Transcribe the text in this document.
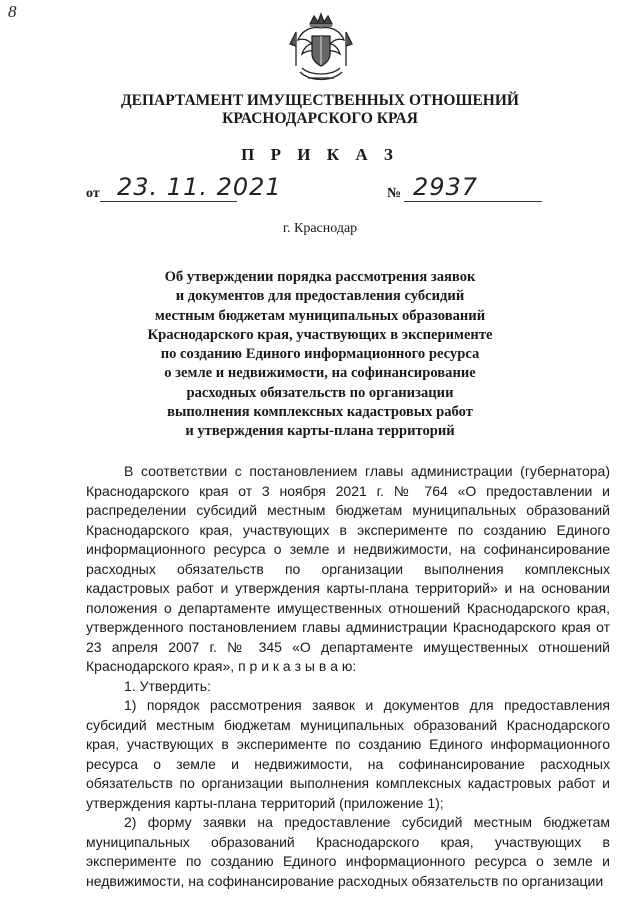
8
ДЕПАРТАМЕНТ ИМУЩЕСТВЕННЫХ ОТНОШЕНИЙ
КРАСНОДАРСКОГО КРАЯ
П Р И К А З
от 23. 11. 2021	№ 2937
г. Краснодар
Об утверждении порядка рассмотрения заявок
и документов для предоставления субсидий
местным бюджетам муниципальных образований
Краснодарского края, участвующих в эксперименте
по созданию Единого информационного ресурса
о земле и недвижимости, на софинансирование
расходных обязательств по организации
выполнения комплексных кадастровых работ
и утверждения карты-плана территорий

В соответствии с постановлением главы администрации (губернатора) Краснодарского края от 3 ноября 2021 г. № 764 «О предоставлении и распределении субсидий местным бюджетам муниципальных образований Краснодарского края, участвующих в эксперименте по созданию Единого информационного ресурса о земле и недвижимости, на софинансирование расходных обязательств по организации выполнения комплексных кадастровых работ и утверждения карты-плана территорий» и на основании положения о департаменте имущественных отношений Краснодарского края, утвержденного постановлением главы администрации Краснодарского края от 23 апреля 2007 г. № 345 «О департаменте имущественных отношений Краснодарского края», п р и к а з ы в а ю:

1. Утвердить:

1) порядок рассмотрения заявок и документов для предоставления субсидий местным бюджетам муниципальных образований Краснодарского края, участвующих в эксперименте по созданию Единого информационного ресурса о земле и недвижимости, на софинансирование расходных обязательств по организации выполнения комплексных кадастровых работ и утверждения карты-плана территорий (приложение 1);

2) форму заявки на предоставление субсидий местным бюджетам муниципальных образований Краснодарского края, участвующих в эксперименте по созданию Единого информационного ресурса о земле и недвижимости, на софинансирование расходных обязательств по организации
